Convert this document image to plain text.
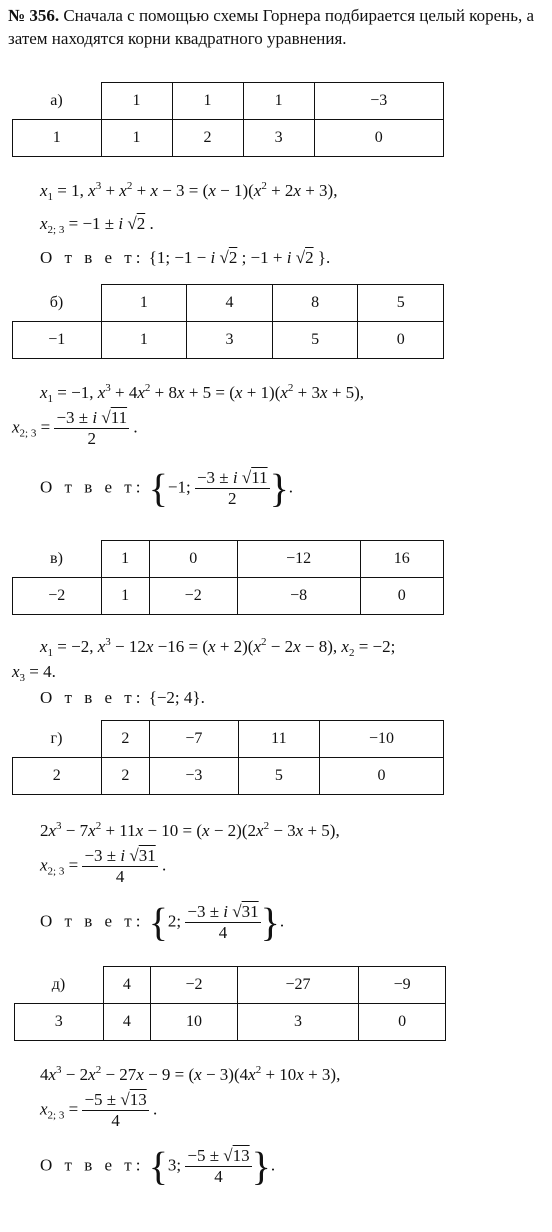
№ 356. Сначала с помощью схемы Горнера подбирается целый корень, а затем находятся корни квадратного уравнения.
а)	1	1	1	−3
1	1	2	3	0
$x_1 = 1$, $x^3 + x^2 + x - 3 = (x - 1)(x^2 + 2x + 3)$,
$x_{2; 3} = -1 \pm i$ √2 .
О т в е т: {1; −1 − i √2 ; −1 + i √2 }.
б)	1	4	8	5
−1	1	3	5	0
$x_1 = -1$, $x^3 + 4x^2 + 8x + 5 = (x + 1)(x^2 + 3x + 5)$,
$x_{2; 3} = \frac{-3 \pm i √11}{2}$ .
О т в е т: {−1; $\frac{-3 \pm i √11}{2}$ }.
в)	1	0	−12	16
−2	1	−2	−8	0
$x_1 = -2$, $x^3 - 12x -16 = (x + 2)(x^2 - 2x - 8)$, $x_2 = -2$;
$x_3 = 4$.
О т в е т: {−2; 4}.
г)	2	−7	11	−10
2	2	−3	5	0
$2x^3 - 7x^2 + 11x - 10 = (x - 2)(2x^2 - 3x + 5)$,
$x_{2; 3} = \frac{-3 \pm i √31}{4}$ .
О т в е т: {2; $\frac{-3 \pm i √31}{4}$ }.
д)	4	−2	−27	−9
3	4	10	3	0
$4x^3 - 2x^2 - 27x - 9 = (x - 3)(4x^2 + 10x + 3)$,
$x_{2; 3} = \frac{-5 \pm √13}{4}$ .
О т в е т: {3; $\frac{-5 \pm √13}{4}$ }.
